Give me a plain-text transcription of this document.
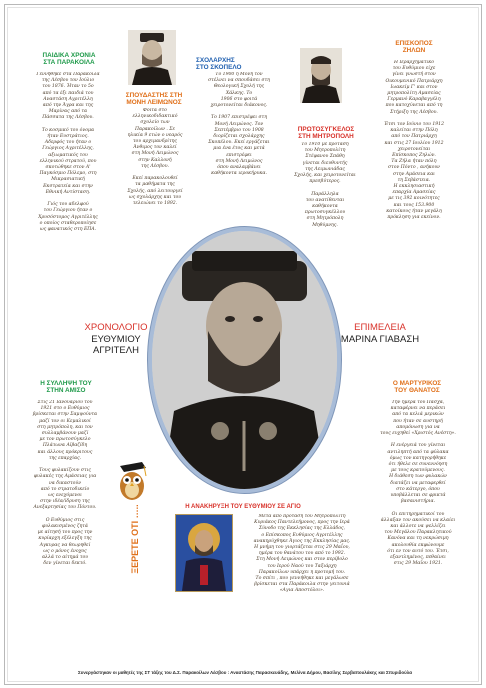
ΠΑΙΔΙΚΑ ΧΡΟΝΙΑ
ΣΤΑ ΠΑΡΑΚΟΙΛΑ
Γεννήθηκε στα Παράκοιλα
της Λέσβου τον Ιούλιο
του 1876. Ήταν το 5ο
από τα έξι παιδιά του
Αναστάση Αγριτέλλη
από την Άγρα και της
Μαρίνας από τα
Πάσσατα της Λέσβου.

Το κοσμικό του όνομα
ήταν Ευστράτιος.
Αδερφός του ήταν ο
Γεώργιος Αγριτέλλης,
αξιωματικός του
ελληνικού στρατού, που
σκοτώθηκε στον Α'
Παγκόσμιο Πόλεμο, στη
Μικρασιατική
Εκστρατεία και στην
Εθνική Αντίσταση.

Γιός του αδελφού
του Γεώργιου ήταν ο
Χρυσόστομος Αγριτέλλης
ο οποίος σταθεροποίησε
ως φανατικός στη ΕΠΑ.
ΣΠΟΥΔΑΣΤΗΣ ΣΤΗ
ΜΟΝΗ ΛΕΙΜΩΝΟΣ
Φοιτά στο
ελληνικοδιδακτικό
σχολείο των
Παρακοίλων . Σε
ηλικία 9 ετών ο νεαρός
του αρχιμανδρίτης
Άνθιμος τον καλεί
στη Μονή Λειμώνος
στην Καλλονή
της Λέσβου.

Εκεί παρακολουθεί
τα μαθήματα της
Σχολής, από λειτουργεί
ως σχολάρχης και του
τελειώνει το 1892.
ΣΧΟΛΑΡΧΗΣ
ΣΤΟ ΣΚΟΠΕΛΟ
Το 1900 η Μονή τον
στέλνει να σπουδάσει στη
Θεολογική Σχολή της
Χάλκης. Το
1906 στο φοιτά
χειροτονείται διάκονος.

Το 1907 επιστρέφει στη
Μονή Λειμώνος. Τον
Σεπτέμβριο του 1908
διορίζεται σχολάρχης
Σκοπέλου. Εκεί εργάζεται
μια ένα έτος και μετά
επιστρέφει
στη Μονή Λειμώνος
όπου αναλαμβάνει
καθήκοντα ιεροκήρυκα.
ΠΡΩΤΟΣΥΓΚΕΛΟΣ
ΣΤΗ ΜΗΤΡΟΠΟΛΗ
Το 1910 με πρόταση
του Μητροπολίτη
Στέφανου Σπάθη
γίνεται διευθυντής
της Λειμωνιάδας
Σχολής, και χειροτονείται
πρεσβύτερος.

Παράλληλα
του ανατίθενται
καθήκοντα
πρωτοσυγκέλλου
στη Μητρόπολη
Μηθύμνης.
ΕΠΙΣΚΟΠΟΣ
ΖΗΛΩΝ
Η Ιεραρχηματικό
του Ευθύμιου είχε
γίνει γνωστή στον
Οικουμενικό Πατριάρχη
Ιωακείμ Γ' και στον
μητροπολίτη Αμασείας
Γερμανό Καραβαγγέλη
που κατοχύνεται από τη
Στήριξη της Λέσβου.

Έτσι τον Ιούνιο του 1912
καλείται στην Πόλη
από τον Πατριάρχη
και στις 27 Ιουλίου 1912
χειροτονείται
Επίσκοπος Ζηλών.
Τα Ζήλα ήταν πόλη
στον Πόντο , ανήκουν
στην Αμάσεια και
τη Σεβάστεια.
Η εκκλησιαστική
επαρχία Αμασείας
με τις 392 κοινότητες
και τους 153.900
κατοίκους ήταν μεγάλη
πρόκληση για εκείνον.
ΧΡΟΝΟΛΟΓΙΟ
ΕΥΘΥΜΙΟΥ ΑΓΡΙΤΕΛΗ
ΕΠΙΜΕΛΕΙΑ
ΜΑΡΙΝΑ ΓΙΑΒΑΣΗ
Η ΣΥΛΛΗΨΗ ΤΟΥ
ΣΤΗΝ ΑΜΙΣΟ
Στις 21 Ιανουαρίου του
1921 στο ο Ευθύμιος
βρίσκεται στην Σαμψούντα
μαζί τον οι Κεμαλικοί
στη μητρόπολη, και τον
συλλαμβάνουν μαζί
με τον πρωτοσύγκελο
Πλάτωνα Αϊβαζίδη
και άλλους πρόκριτους
της επαρχίας.

Τους φυλακίζουν στις
φυλακές της Αμάσειας για
να δικαστούν
από το στρατοδικείο
ως ενεχόμενοι
στην ιδέα/ίδρυση της
Ανεξαρτησίας του Πόντου.

Ο Ευθύμιος στις
φυλακισμένος ζητά
με αίτησή του προς την
κυρίαρχη εξέλεγξη της
Αγκυρας να θεωρηθεί
ως ο μόνος ένοχος
αλλά το αίτημά του
δεν γίνεται δεκτό.
Ο ΜΑΡΤΥΡΙΚΟΣ
ΤΟΥ ΘΑΝΑΤΟΣ
Την ημέρα του Πάσχα,
καταφέρνει να περάσει
από τα κελιά μερικών
που ήταν σε αυστηρή
απομόνωση για να
τους ευχηθεί «Χριστός Ανέστη».

Η ενέργειά του γίνεται
αντιληπτή από τα φύλακα
όμως τον κατηγορήθηκε
ότι ήθελε σε συνεννόηση
με τους κρατούμενους.
Η διάθεση των φυλακών
διατάζει να μεταφερθεί
στο κάτεργο, όπου
υποβάλλεται σε φρικτά
βασανιστήρια.

Οι επιτηρηματικοί του
άλλαξαν τον ακούσει να κλαίει
και άλλοτε να ψελλίζει
του Μεγάλου Παρακλητικού
Κανόνα και τη νεκρώσιμη
ακολουθία εκφώνουμε
ότι εν τον αυτό του. Έτσι,
εξαντλημένος, πεθαίνει
στις 29 Μαΐου 1921.
Η ΑΝΑΚΗΡΥΞΗ ΤΟΥ ΕΥΘΥΜΙΟΥ ΣΕ ΑΓΙΟ
ΞΕΡΕΤΕ ΟΤΙ …..	Μετά από πρόταση του Μητροπολίτη
Κυριάκος Παντελεήμονος, προς την Ιερά
Σύνοδο της Εκκλησίας της Ελλάδος,
ο Επίσκοπος Ευθύμιος Αγριτέλλης
ανακηρύχθηκε Άγιος της Εκκλησίας μας.
Η μνήμη του γιορτάζεται στις 29 Μαΐου,
ημέρα του θανάτου του από το 1992.
Στη Μονή Λειμώνος και στον περίβολο
του Ιερού Ναού του Ταξιάρχη
Παρακοίλων υπάρχει η προτομή του.
Το σπίτι , που γεννήθηκε και μεγάλωσε
βρίσκεται στα Παράκοιλα στην γειτονιά
«Αγια Αποστόλοι».
Συνεργάστηκαν οι μαθητές της ΣΤ τάξης του Δ.Σ. Παρακοίλων Λέσβου : Αναστάσης Παρασκευάδης, Μελίνα Δήμου, Βασίλης Σερβαπουλάκης και Σπυριδούλα
